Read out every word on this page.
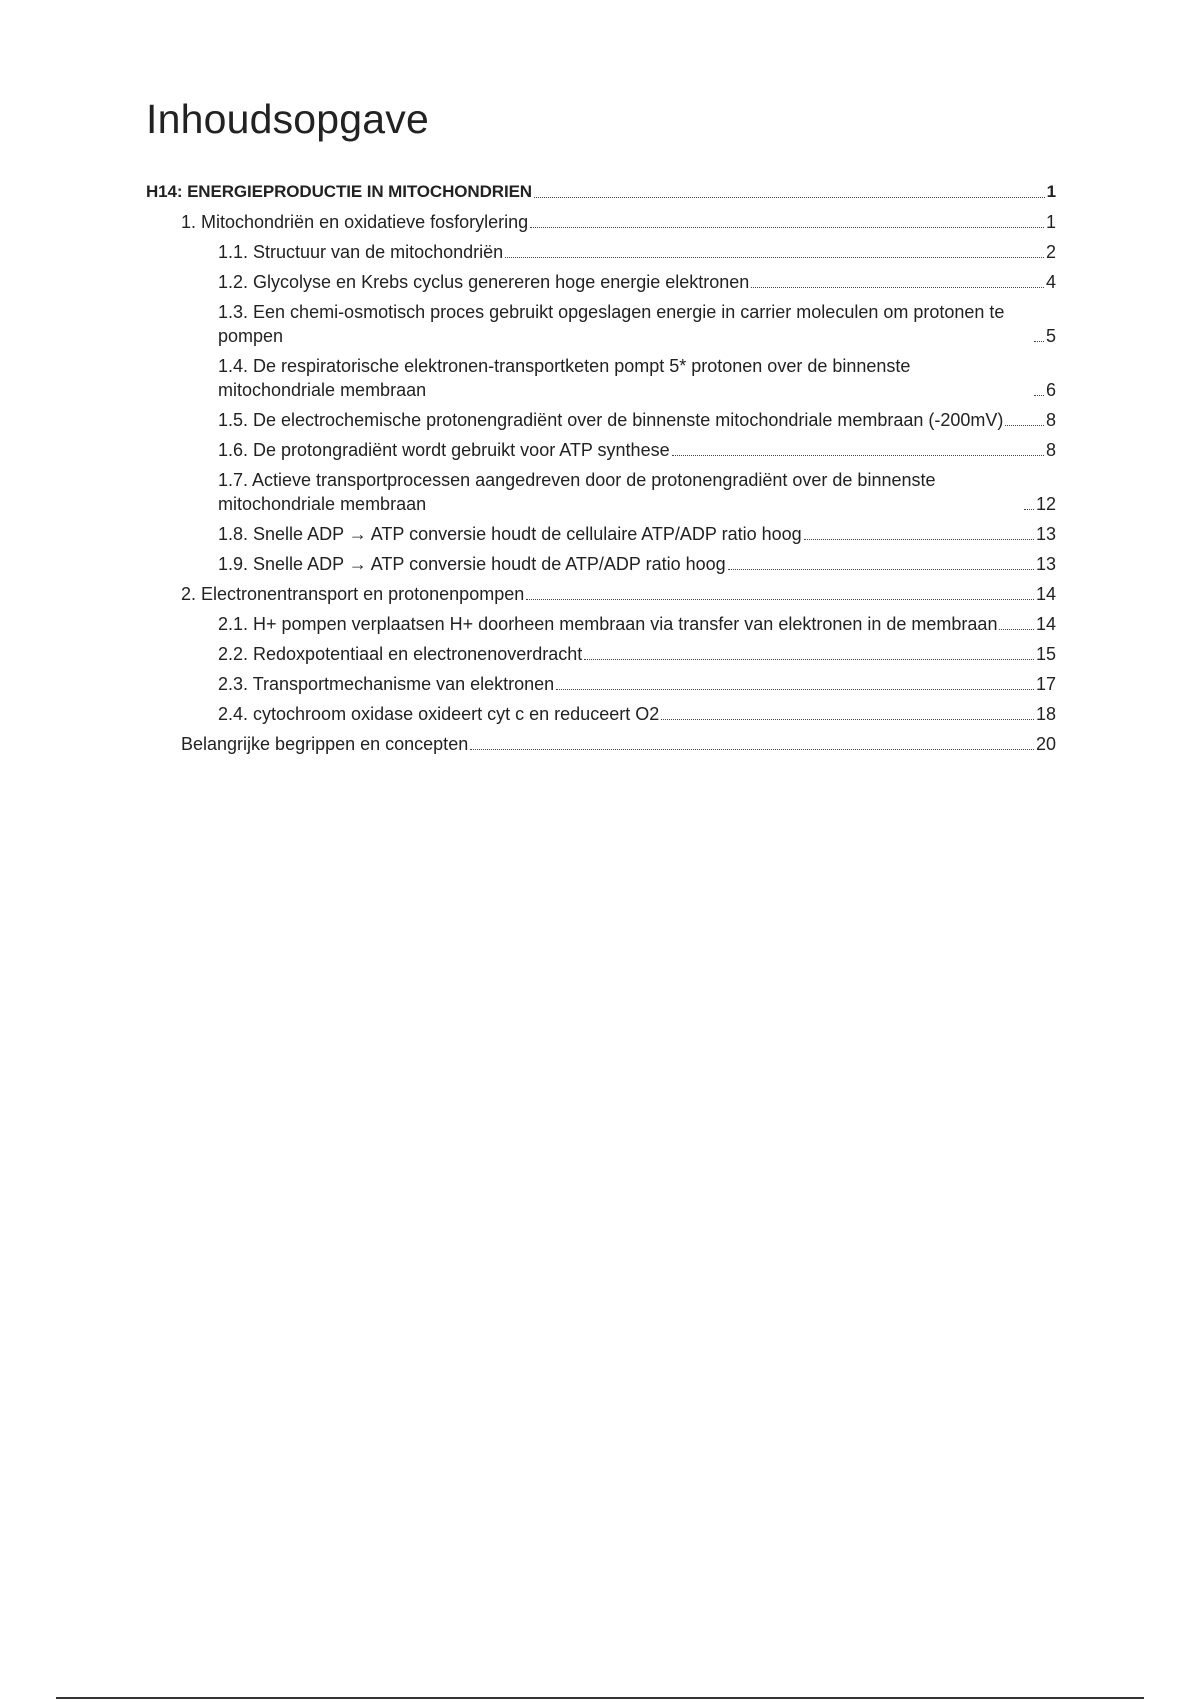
Inhoudsopgave
H14: ENERGIEPRODUCTIE IN MITOCHONDRIEN	1
1. Mitochondriën en oxidatieve fosforylering	1
1.1. Structuur van de mitochondriën	2
1.2. Glycolyse en Krebs cyclus genereren hoge energie elektronen	4
1.3. Een chemi-osmotisch proces gebruikt opgeslagen energie in carrier moleculen om protonen te pompen	5
1.4. De respiratorische elektronen-transportketen pompt 5* protonen over de binnenste mitochondriale membraan	6
1.5. De electrochemische protonengradiënt over de binnenste mitochondriale membraan (-200mV) 8
1.6. De protongradiënt wordt gebruikt voor ATP synthese	8
1.7. Actieve transportprocessen aangedreven door de protonengradiënt over de binnenste mitochondriale membraan	12
1.8. Snelle ADP → ATP conversie houdt de cellulaire ATP/ADP ratio hoog	13
1.9. Snelle ADP → ATP conversie houdt de ATP/ADP ratio hoog	13
2. Electronentransport en protonenpompen	14
2.1. H+ pompen verplaatsen H+ doorheen membraan via transfer van elektronen in de membraan 14
2.2. Redoxpotentiaal en electronenoverdracht	15
2.3. Transportmechanisme van elektronen	17
2.4. cytochroom oxidase oxideert cyt c en reduceert O2	18
Belangrijke begrippen en concepten	20
